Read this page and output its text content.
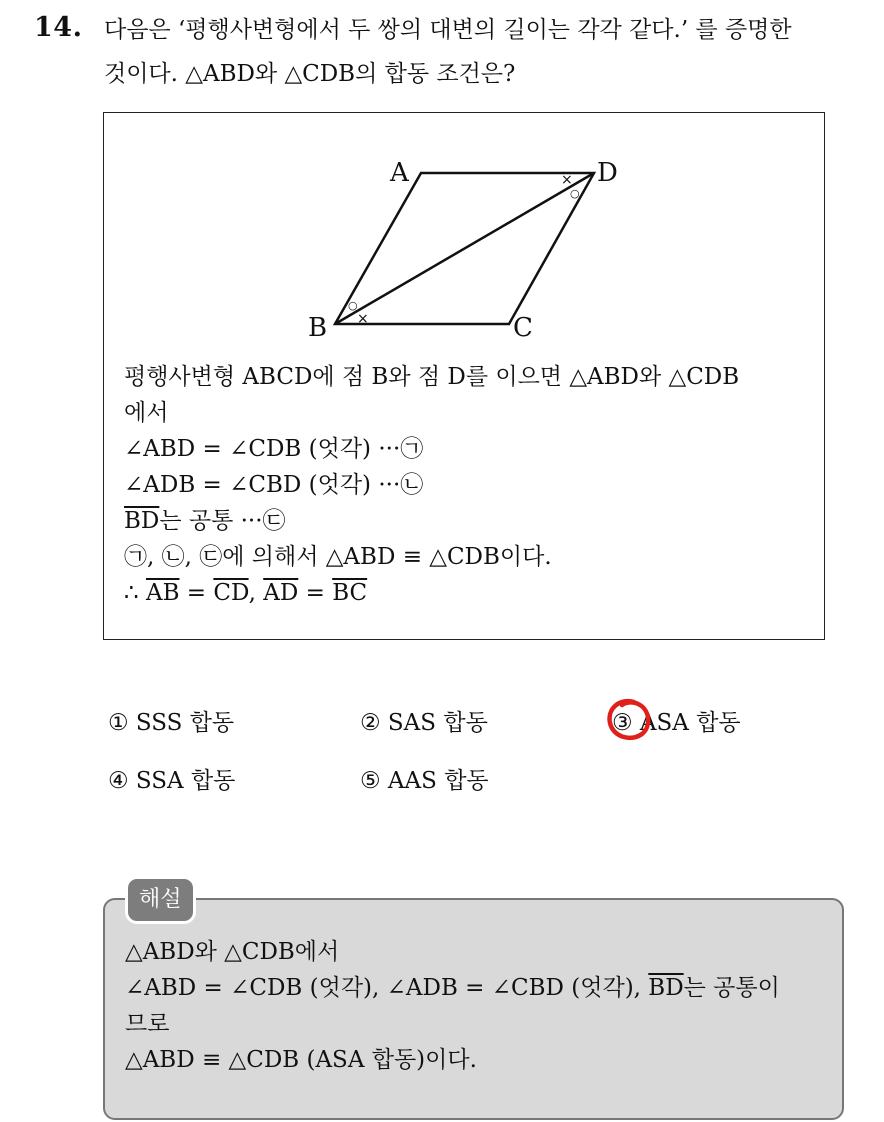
14. 다음은 ‘평행사변형에서 두 쌍의 대변의 길이는 각각 같다.’ 를 증명한
것이다. △ABD와 △CDB의 합동 조건은?
A	D
B	C
×
×
○
○
평행사변형 ABCD에 점 B와 점 D를 이으면 △ABD와 △CDB
에서
∠ABD = ∠CDB (엇각) ···㉠
∠ADB = ∠CBD (엇각) ···㉡
$\overline{BD}$는 공통 ···㉢
㉠, ㉡, ㉢에 의해서 △ABD ≡ △CDB이다.
∴ $\overline{AB} = \overline{CD}$, $\overline{AD} = \overline{BC}$
① SSS 합동	② SAS 합동	③ ASA 합동
④ SSA 합동	⑤ AAS 합동
△ABD와 △CDB에서
∠ABD = ∠CDB (엇각), ∠ADB = ∠CBD (엇각), $\overline{BD}$는 공통이
므로
△ABD ≡ △CDB (ASA 합동)이다.
해설
